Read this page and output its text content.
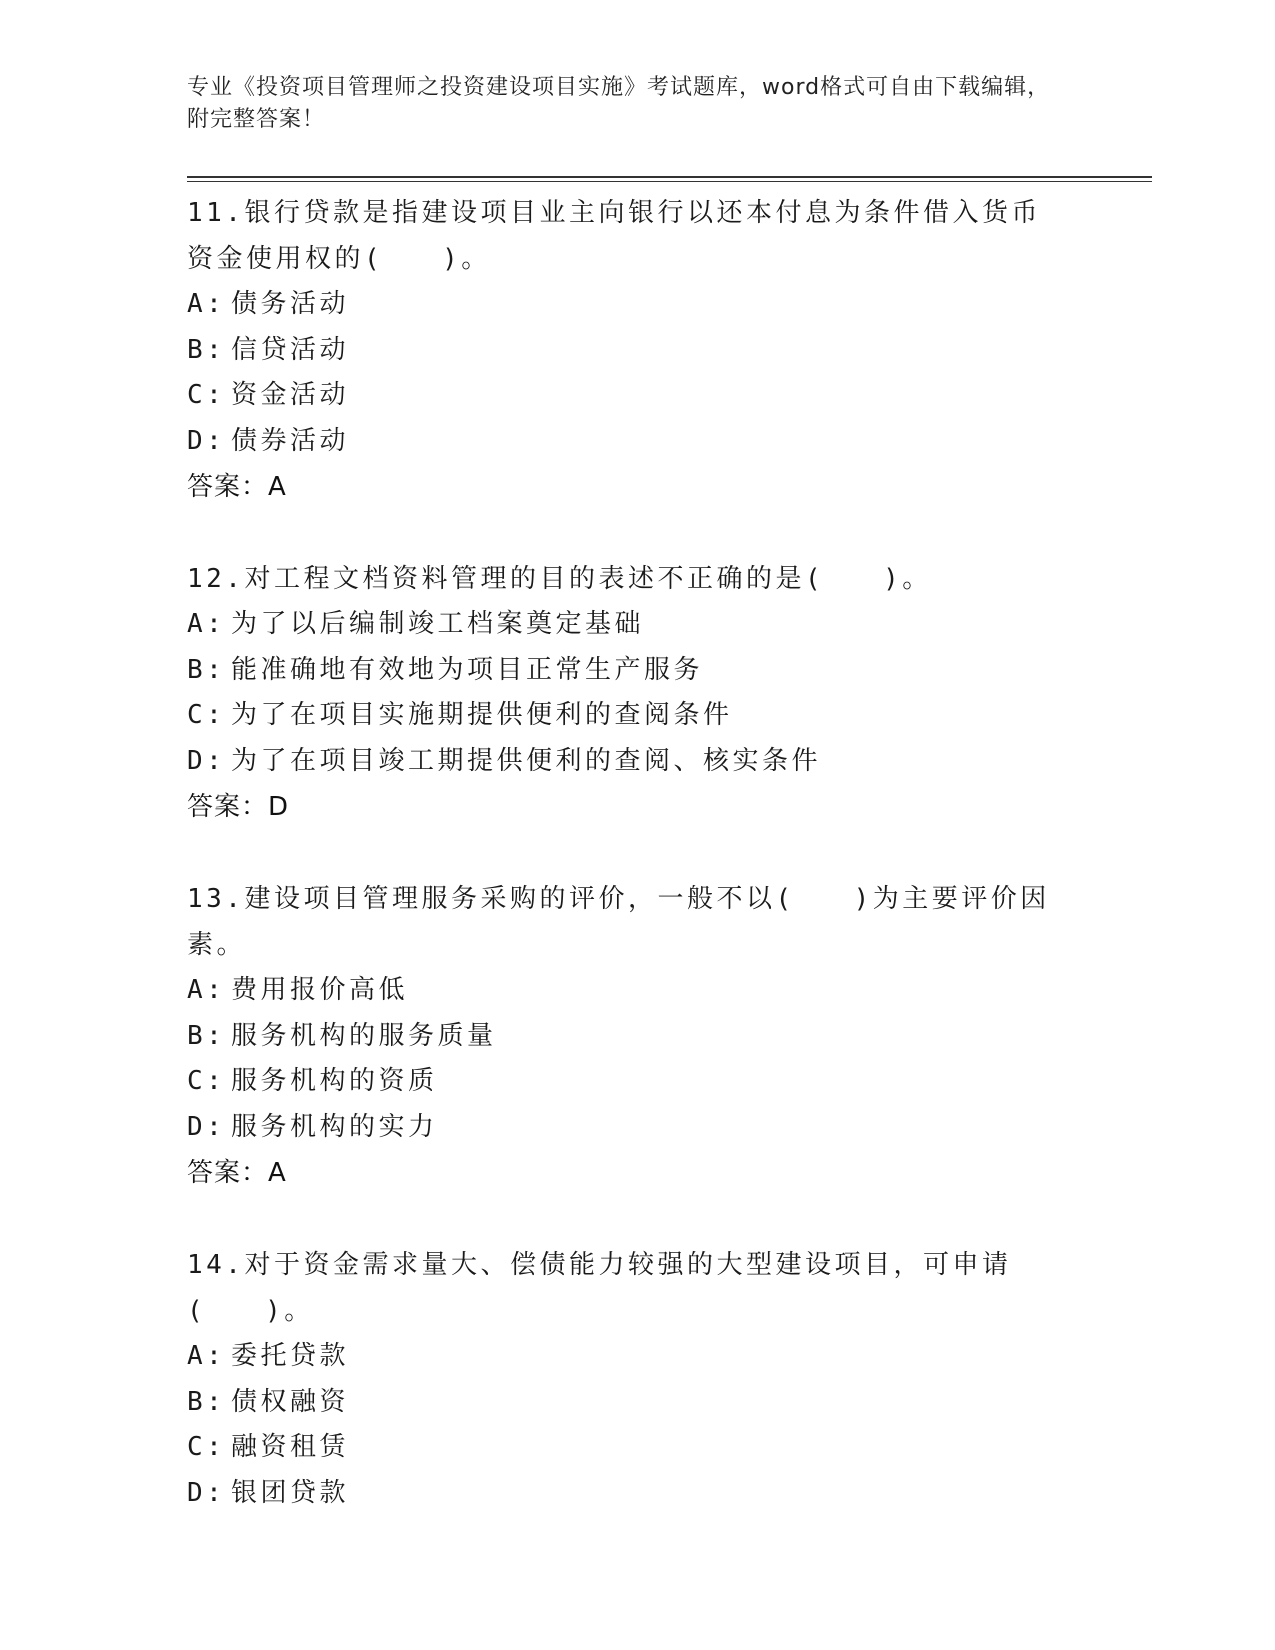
专业《投资项目管理师之投资建设项目实施》考试题库，word格式可自由下载编辑，附完整答案！

11.银行贷款是指建设项目业主向银行以还本付息为条件借入货币资金使用权的(　　)。

A: 债务活动

B: 信贷活动

C: 资金活动

D: 债券活动

答案：A

12.对工程文档资料管理的目的表述不正确的是(　　)。

A: 为了以后编制竣工档案奠定基础

B: 能准确地有效地为项目正常生产服务

C: 为了在项目实施期提供便利的查阅条件

D: 为了在项目竣工期提供便利的查阅、核实条件

答案：D

13.建设项目管理服务采购的评价，一般不以(　　)为主要评价因素。

A: 费用报价高低

B: 服务机构的服务质量

C: 服务机构的资质

D: 服务机构的实力

答案：A

14.对于资金需求量大、偿债能力较强的大型建设项目，可申请(　　)。

A: 委托贷款

B: 债权融资

C: 融资租赁

D: 银团贷款
